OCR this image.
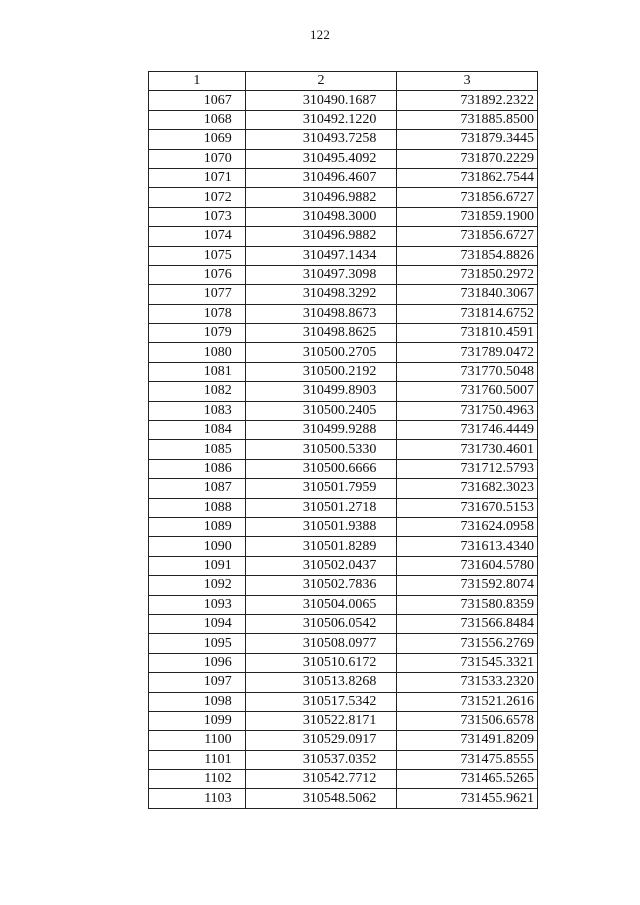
122
1	2	3
1067	310490.1687	731892.2322
1068	310492.1220	731885.8500
1069	310493.7258	731879.3445
1070	310495.4092	731870.2229
1071	310496.4607	731862.7544
1072	310496.9882	731856.6727
1073	310498.3000	731859.1900
1074	310496.9882	731856.6727
1075	310497.1434	731854.8826
1076	310497.3098	731850.2972
1077	310498.3292	731840.3067
1078	310498.8673	731814.6752
1079	310498.8625	731810.4591
1080	310500.2705	731789.0472
1081	310500.2192	731770.5048
1082	310499.8903	731760.5007
1083	310500.2405	731750.4963
1084	310499.9288	731746.4449
1085	310500.5330	731730.4601
1086	310500.6666	731712.5793
1087	310501.7959	731682.3023
1088	310501.2718	731670.5153
1089	310501.9388	731624.0958
1090	310501.8289	731613.4340
1091	310502.0437	731604.5780
1092	310502.7836	731592.8074
1093	310504.0065	731580.8359
1094	310506.0542	731566.8484
1095	310508.0977	731556.2769
1096	310510.6172	731545.3321
1097	310513.8268	731533.2320
1098	310517.5342	731521.2616
1099	310522.8171	731506.6578
1100	310529.0917	731491.8209
1101	310537.0352	731475.8555
1102	310542.7712	731465.5265
1103	310548.5062	731455.9621
